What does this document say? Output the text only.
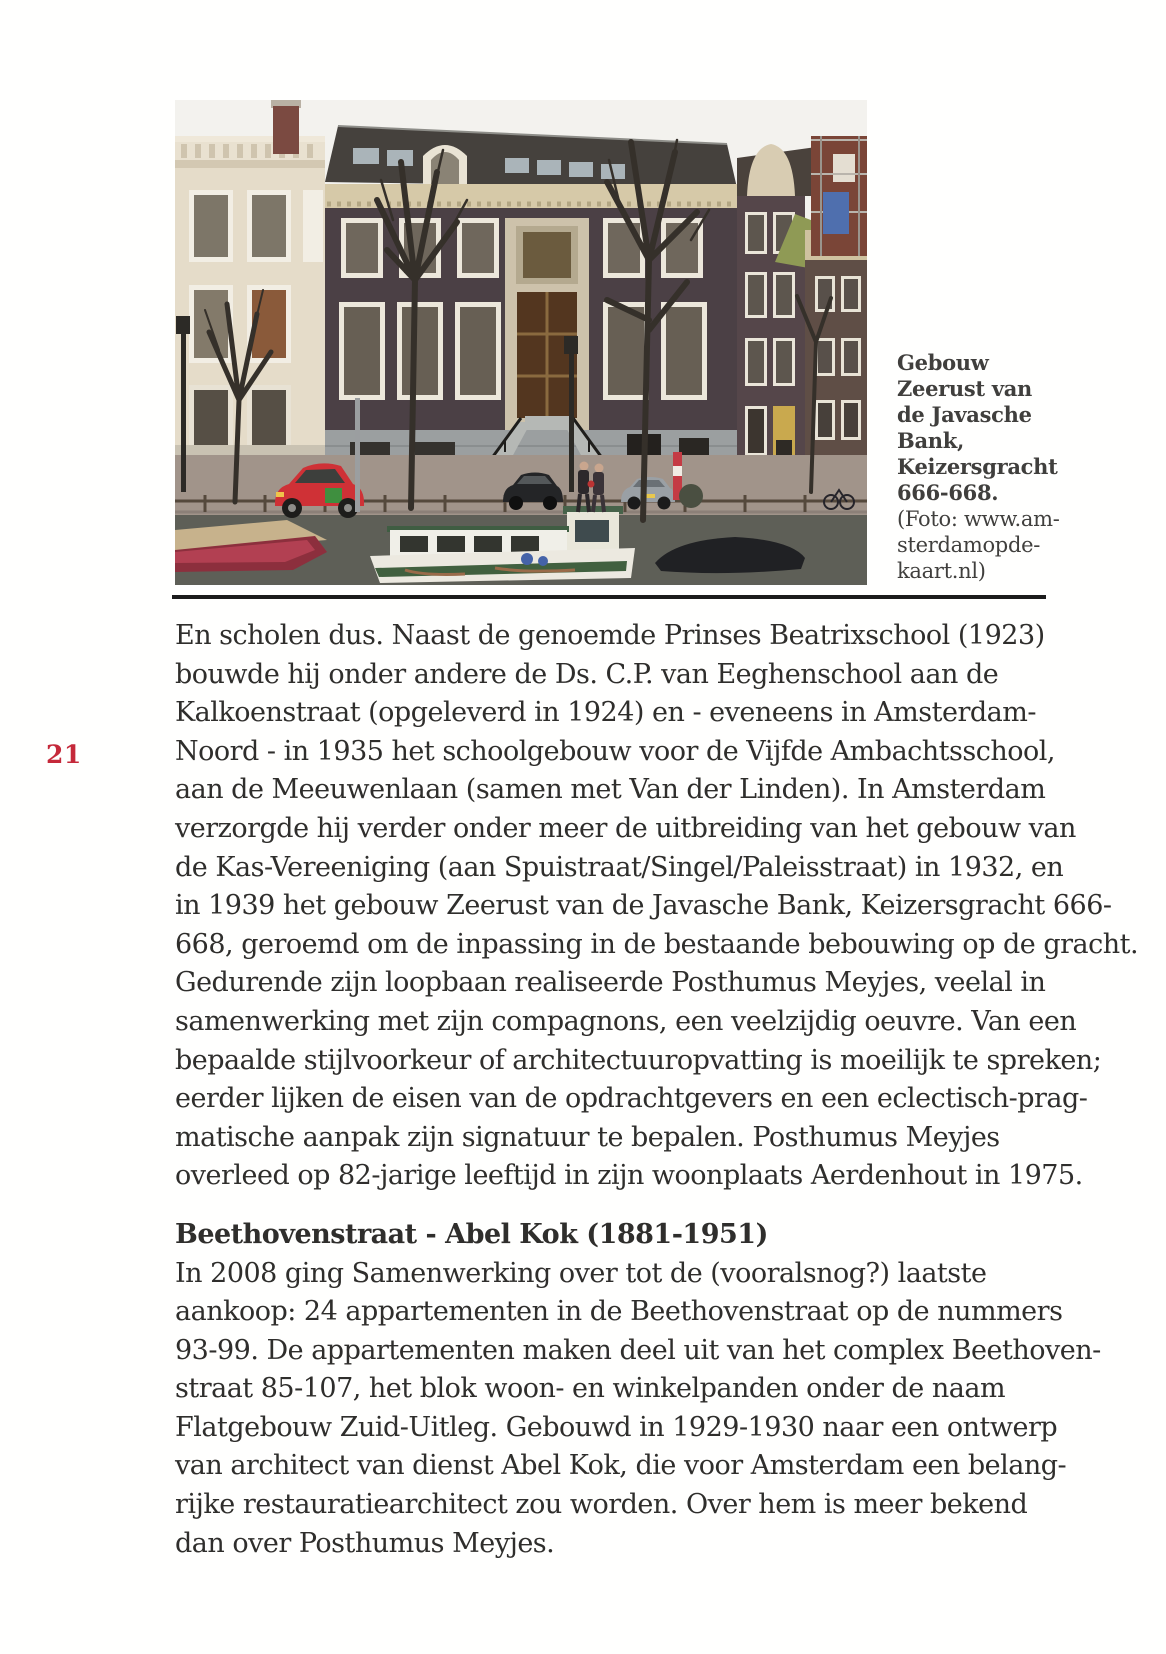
Gebouw
Zeerust van
de Javasche
Bank,
Keizersgracht
666-668.
(Foto: www.am-
sterdamopde-
kaart.nl)
21
En scholen dus. Naast de genoemde Prinses Beatrixschool (1923)
bouwde hij onder andere de Ds. C.P. van Eeghenschool aan de
Kalkoenstraat (opgeleverd in 1924) en - eveneens in Amsterdam-
Noord - in 1935 het schoolgebouw voor de Vijfde Ambachtsschool,
aan de Meeuwenlaan (samen met Van der Linden). In Amsterdam
verzorgde hij verder onder meer de uitbreiding van het gebouw van
de Kas-Vereeniging (aan Spuistraat/Singel/Paleisstraat) in 1932, en
in 1939 het gebouw Zeerust van de Javasche Bank, Keizersgracht 666-
668, geroemd om de inpassing in de bestaande bebouwing op de gracht.
Gedurende zijn loopbaan realiseerde Posthumus Meyjes, veelal in
samenwerking met zijn compagnons, een veelzijdig oeuvre. Van een
bepaalde stijlvoorkeur of architectuuropvatting is moeilijk te spreken;
eerder lijken de eisen van de opdrachtgevers en een eclectisch-prag-
matische aanpak zijn signatuur te bepalen. Posthumus Meyjes
overleed op 82-jarige leeftijd in zijn woonplaats Aerdenhout in 1975.
Beethovenstraat - Abel Kok (1881-1951)
In 2008 ging Samenwerking over tot de (vooralsnog?) laatste
aankoop: 24 appartementen in de Beethovenstraat op de nummers
93-99. De appartementen maken deel uit van het complex Beethoven-
straat 85-107, het blok woon- en winkelpanden onder de naam
Flatgebouw Zuid-Uitleg. Gebouwd in 1929-1930 naar een ontwerp
van architect van dienst Abel Kok, die voor Amsterdam een belang-
rijke restauratiearchitect zou worden. Over hem is meer bekend
dan over Posthumus Meyjes.
